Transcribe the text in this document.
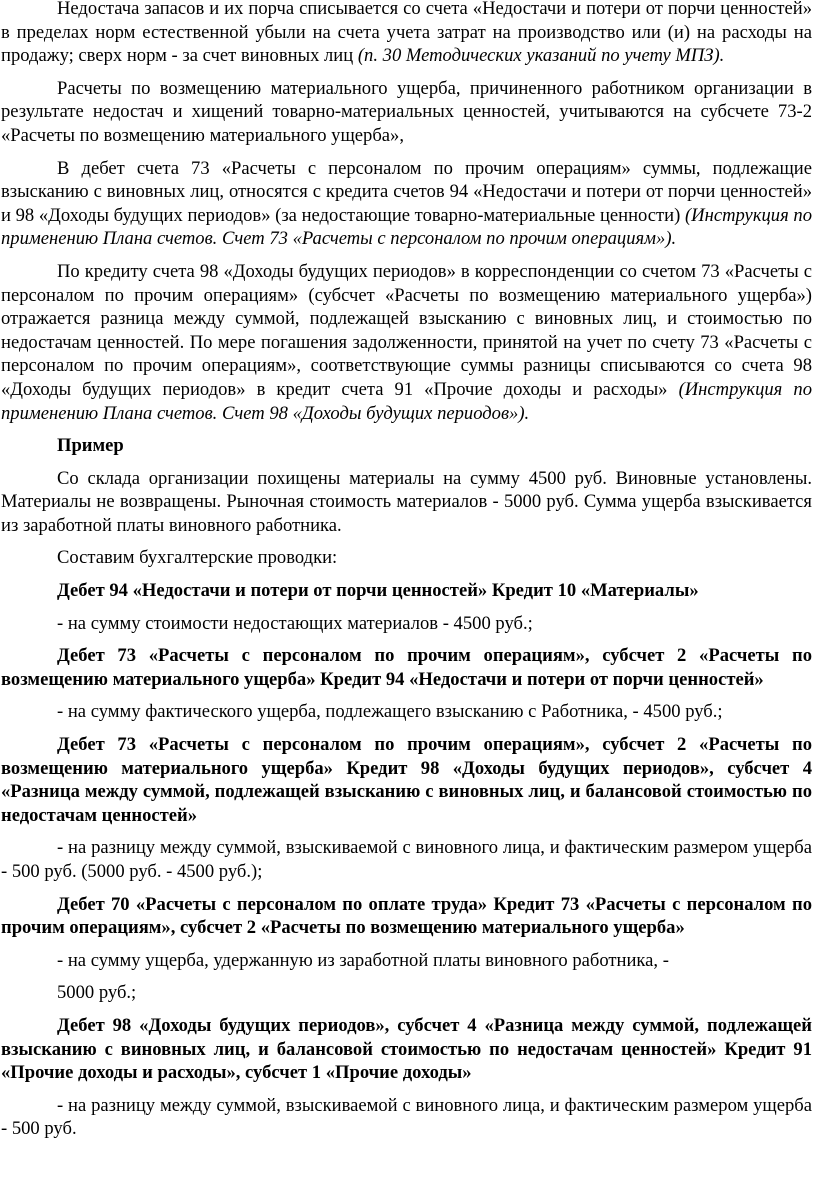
Недостача запасов и их порча списывается со счета «Недостачи и потери от порчи ценностей» в пределах норм естественной убыли на счета учета затрат на производство или (и) на расходы на продажу; сверх норм - за счет виновных лиц (п. 30 Методических указаний по учету МПЗ).

Расчеты по возмещению материального ущерба, причиненного работником организации в результате недостач и хищений товарно-материальных ценностей, учитываются на субсчете 73-2 «Расчеты по возмещению материального ущерба»,

В дебет счета 73 «Расчеты с персоналом по прочим операциям» суммы, подлежащие взысканию с виновных лиц, относятся с кредита счетов 94 «Недостачи и потери от порчи ценностей» и 98 «Доходы будущих периодов» (за недостающие товарно-материальные ценности) (Инструкция по применению Плана счетов. Счет 73 «Расчеты с персоналом по прочим операциям»).

По кредиту счета 98 «Доходы будущих периодов» в корреспонденции со счетом 73 «Расчеты с персоналом по прочим операциям» (субсчет «Расчеты по возмещению материального ущерба») отражается разница между суммой, подлежащей взысканию с виновных лиц, и стоимостью по недостачам ценностей. По мере погашения задолженности, принятой на учет по счету 73 «Расчеты с персоналом по прочим операциям», соответствующие суммы разницы списываются со счета 98 «Доходы будущих периодов» в кредит счета 91 «Прочие доходы и расходы» (Инструкция по применению Плана счетов. Счет 98 «Доходы будущих периодов»).

Пример

Со склада организации похищены материалы на сумму 4500 руб. Виновные установлены. Материалы не возвращены. Рыночная стоимость материалов - 5000 руб. Сумма ущерба взыскивается из заработной платы виновного работника.

Составим бухгалтерские проводки:

Дебет 94 «Недостачи и потери от порчи ценностей» Кредит 10 «Материалы»

- на сумму стоимости недостающих материалов - 4500 руб.;

Дебет 73 «Расчеты с персоналом по прочим операциям», субсчет 2 «Расчеты по возмещению материального ущерба» Кредит 94 «Недостачи и потери от порчи ценностей»

- на сумму фактического ущерба, подлежащего взысканию с Работника, - 4500 руб.;

Дебет 73 «Расчеты с персоналом по прочим операциям», субсчет 2 «Расчеты по возмещению материального ущерба» Кредит 98 «Доходы будущих периодов», субсчет 4 «Разница между суммой, подлежащей взысканию с виновных лиц, и балансовой стоимостью по недостачам ценностей»

- на разницу между суммой, взыскиваемой с виновного лица, и фактическим размером ущерба - 500 руб. (5000 руб. - 4500 руб.);

Дебет 70 «Расчеты с персоналом по оплате труда» Кредит 73 «Расчеты с персоналом по прочим операциям», субсчет 2 «Расчеты по возмещению материального ущерба»

- на сумму ущерба, удержанную из заработной платы виновного работника, -

5000 руб.;

Дебет 98 «Доходы будущих периодов», субсчет 4 «Разница между суммой, подлежащей взысканию с виновных лиц, и балансовой стоимостью по недостачам ценностей» Кредит 91 «Прочие доходы и расходы», субсчет 1 «Прочие доходы»

- на разницу между суммой, взыскиваемой с виновного лица, и фактическим размером ущерба - 500 руб.
